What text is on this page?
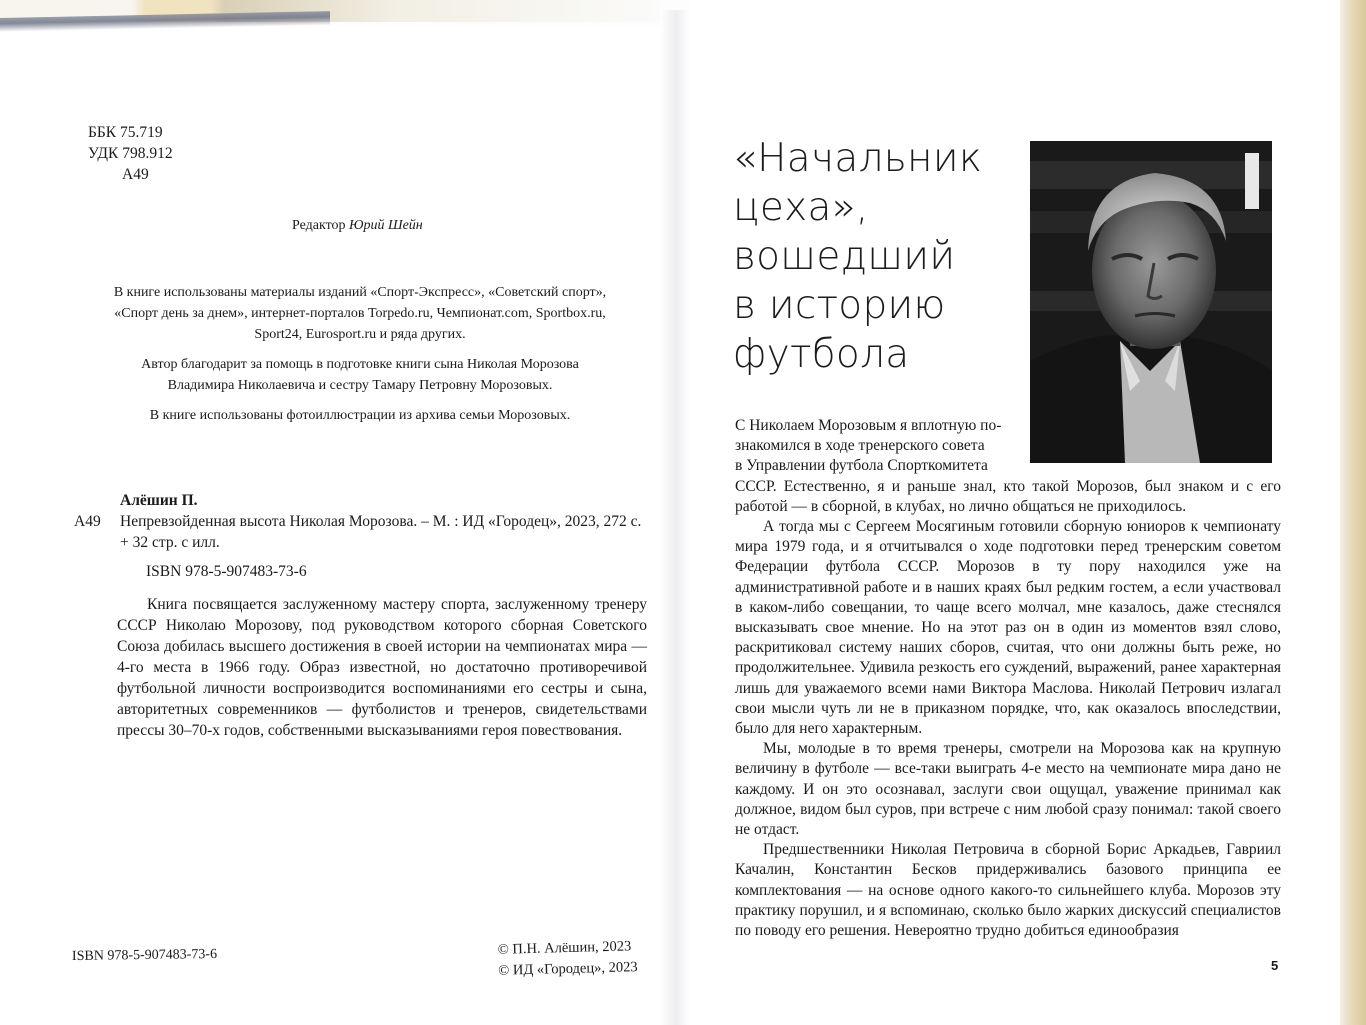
ББК 75.719
УДК 798.912
А49
Редактор Юрий Шейн

В книге использованы материалы изданий «Спорт-Экспресс», «Советский спорт», «Спорт день за днем», интернет-порталов Torpedo.ru, Чемпионат.com, Sportbox.ru, Sport24, Eurosport.ru и ряда других.

Автор благодарит за помощь в подготовке книги сына Николая Морозова Владимира Николаевича и сестру Тамару Петровну Морозовых.

В книге использованы фотоиллюстрации из архива семьи Морозовых.

Алёшин П.
А49	Непревзойденная высота Николая Морозова. – М. : ИД «Городец», 2023, 272 с. + 32 стр. с илл.
ISBN 978-5-907483-73-6
Книга посвящается заслуженному мастеру спорта, заслуженному тренеру СССР Николаю Морозову, под руководством которого сборная Советского Союза добилась высшего достижения в своей истории на чемпионатах мира — 4-го места в 1966 году. Образ известной, но достаточно противоречивой футбольной личности воспроизводится воспоминаниями его сестры и сына, авторитетных современников — футболистов и тренеров, свидетельствами прессы 30–70-х годов, собственными высказываниями героя повествования.
ISBN 978-5-907483-73-6	© П.Н. Алёшин, 2023
© ИД «Городец», 2023
«Начальник
цеха»,
вошедший
в историю
футбола
С Николаем Морозовым я вплотную по-
знакомился в ходе тренерского совета
в Управлении футбола Спорткомитета

СССР. Естественно, я и раньше знал, кто такой Морозов, был знаком и с его работой — в сборной, в клубах, но лично общаться не приходилось.

А тогда мы с Сергеем Мосягиным готовили сборную юниоров к чемпионату мира 1979 года, и я отчитывался о ходе подготовки перед тренерским советом Федерации футбола СССР. Морозов в ту пору находился уже на административной работе и в наших краях был редким гостем, а если участвовал в каком-либо совещании, то чаще всего молчал, мне казалось, даже стеснялся высказывать свое мнение. Но на этот раз он в один из моментов взял слово, раскритиковал систему наших сборов, считая, что они должны быть реже, но продолжительнее. Удивила резкость его суждений, выражений, ранее характерная лишь для уважаемого всеми нами Виктора Маслова. Николай Петрович излагал свои мысли чуть ли не в приказном порядке, что, как оказалось впоследствии, было для него характерным.

Мы, молодые в то время тренеры, смотрели на Морозова как на крупную величину в футболе — все-таки выиграть 4-е место на чемпионате мира дано не каждому. И он это осознавал, заслуги свои ощущал, уважение принимал как должное, видом был суров, при встрече с ним любой сразу понимал: такой своего не отдаст.

Предшественники Николая Петровича в сборной Борис Аркадьев, Гавриил Качалин, Константин Бесков придерживались базового принципа ее комплектования — на основе одного какого-то сильнейшего клуба. Морозов эту практику порушил, и я вспоминаю, сколько было жарких дискуссий специалистов по поводу его решения. Невероятно трудно добиться единообразия

5
